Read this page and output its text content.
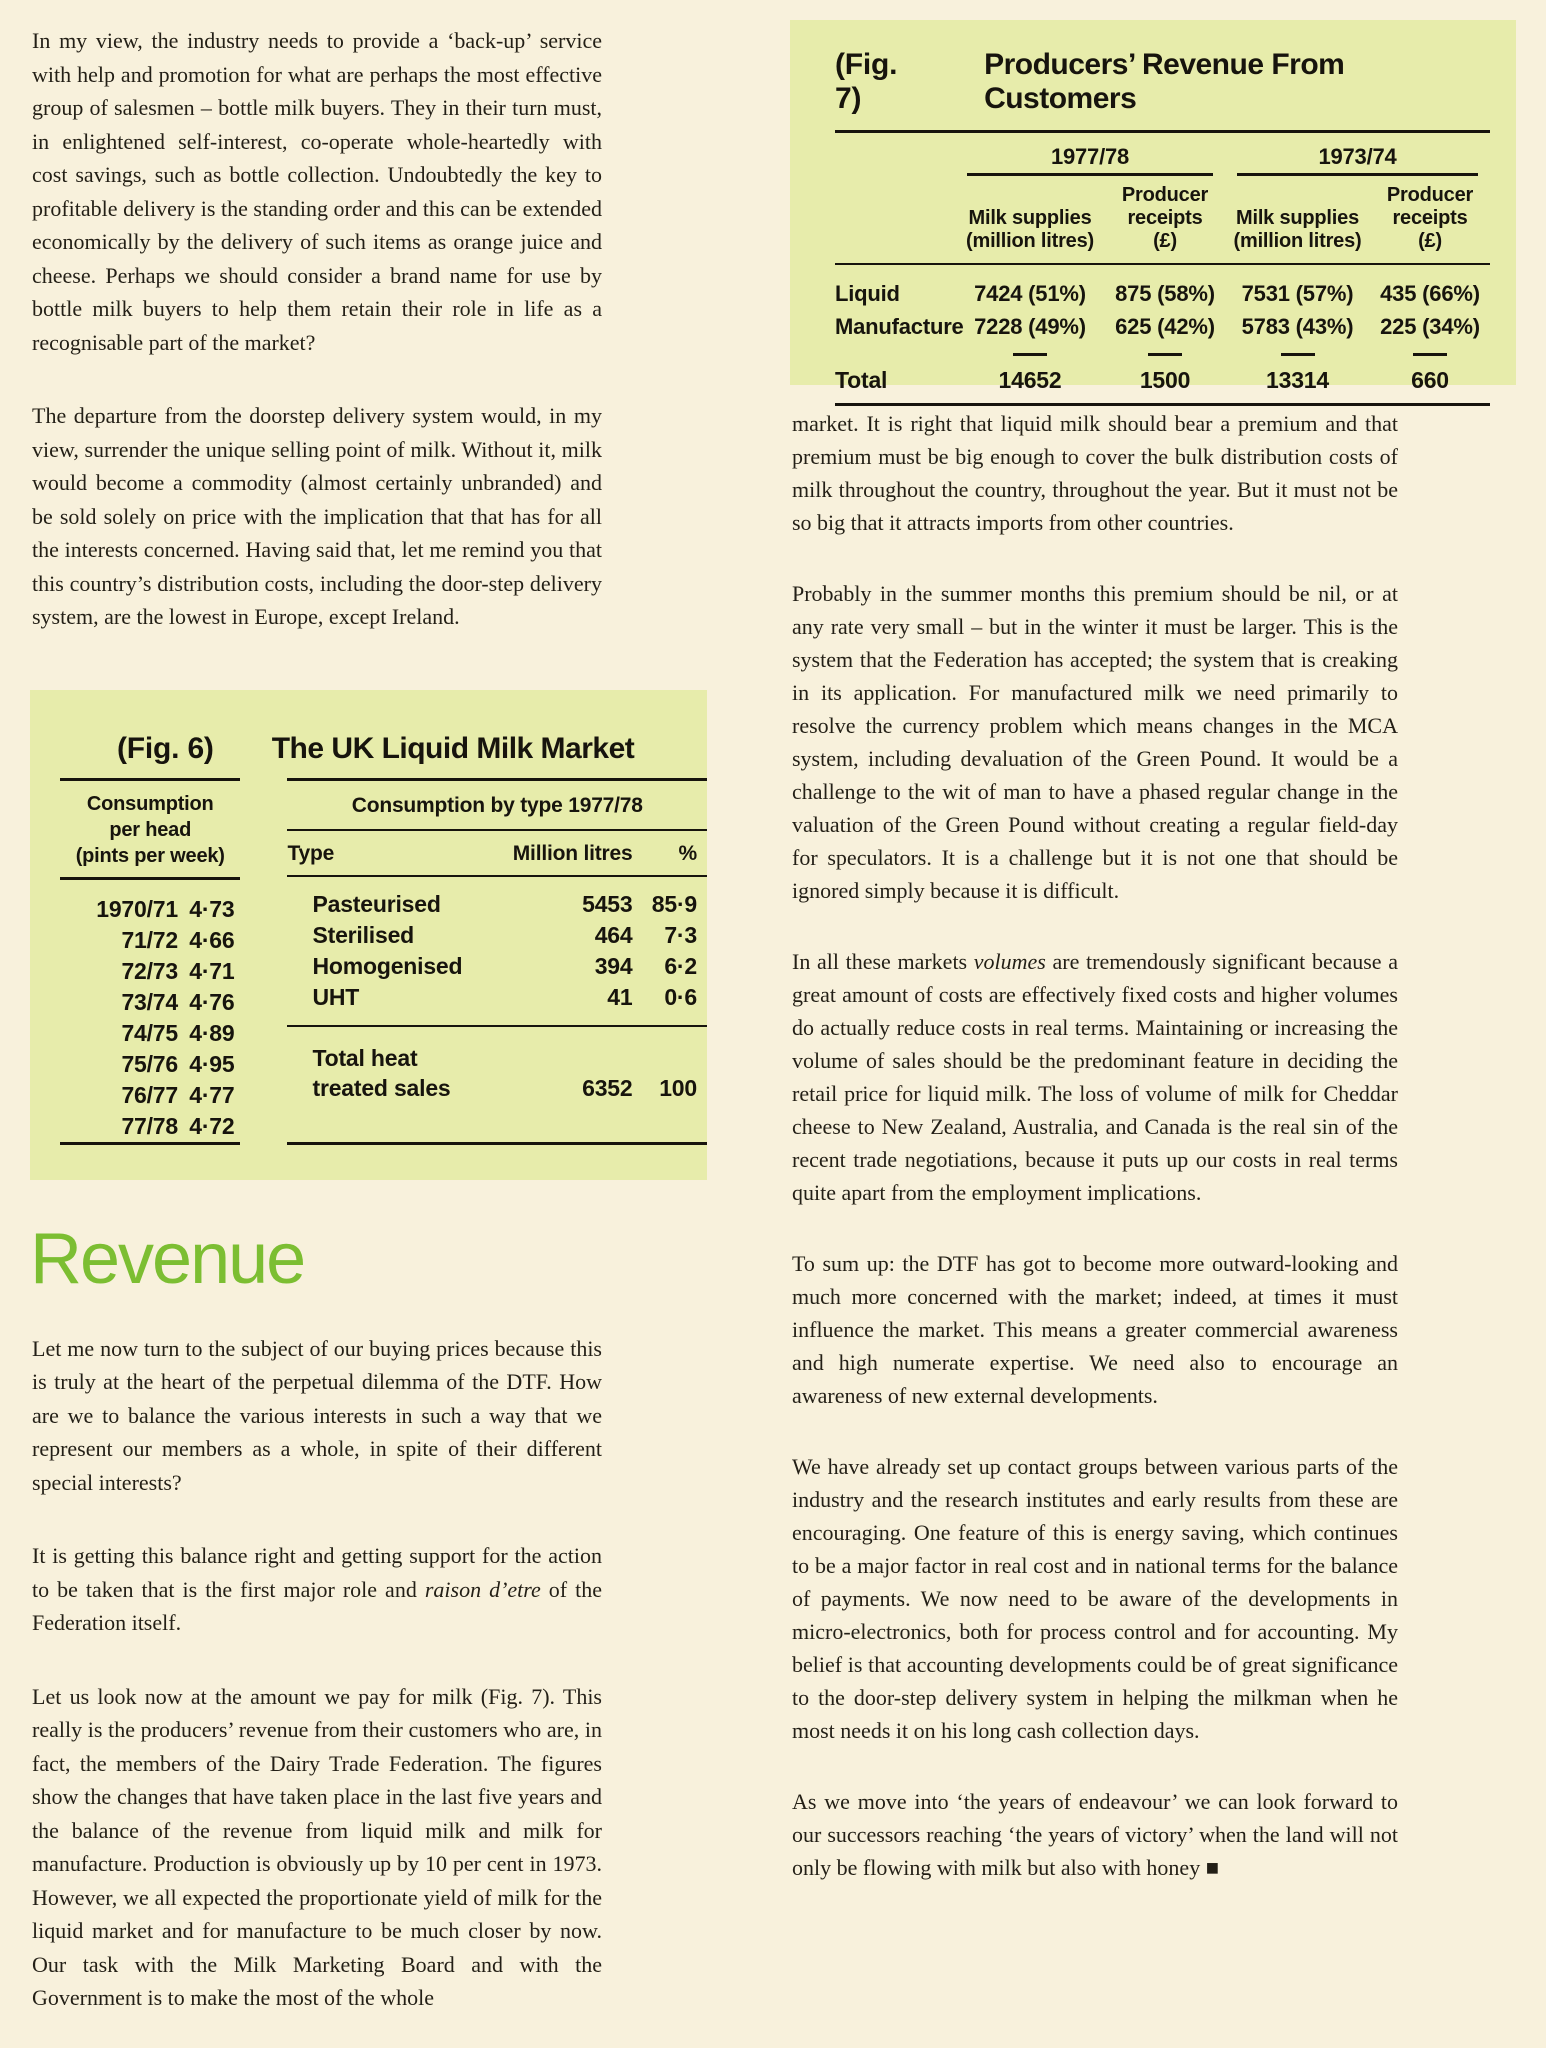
In my view, the industry needs to provide a ‘back-up’ service with help and promotion for what are perhaps the most effective group of salesmen – bottle milk buyers. They in their turn must, in enlightened self-interest, co-operate whole-heartedly with cost savings, such as bottle collection. Undoubtedly the key to profitable delivery is the standing order and this can be extended economically by the delivery of such items as orange juice and cheese. Perhaps we should consider a brand name for use by bottle milk buyers to help them retain their role in life as a recognisable part of the market?

The departure from the doorstep delivery system would, in my view, surrender the unique selling point of milk. Without it, milk would become a commodity (almost certainly unbranded) and be sold solely on price with the implication that that has for all the interests concerned. Having said that, let me remind you that this country’s distribution costs, including the door-step delivery system, are the lowest in Europe, except Ireland.

(Fig. 6) The UK Liquid Milk Market
Consumption
per head
(pints per week)
1970/71 4·73
71/72 4·66
72/73 4·71
73/74 4·76
74/75 4·89
75/76 4·95
76/77 4·77
77/78 4·72
Consumption by type 1977/78
Type	Million litres	%
Pasteurised	5453 85·9
Sterilised	464	7·3
Homogenised	394	6·2
UHT	41	0·6
Total heat
treated sales	6352	100
Revenue

Let me now turn to the subject of our buying prices because this is truly at the heart of the perpetual dilemma of the DTF. How are we to balance the various interests in such a way that we represent our members as a whole, in spite of their different special interests?

It is getting this balance right and getting support for the action to be taken that is the first major role and raison d’etre of the Federation itself.

Let us look now at the amount we pay for milk (Fig. 7). This really is the producers’ revenue from their customers who are, in fact, the members of the Dairy Trade Federation. The figures show the changes that have taken place in the last five years and the balance of the revenue from liquid milk and milk for manufacture. Production is obviously up by 10 per cent in 1973. However, we all expected the proportionate yield of milk for the liquid market and for manufacture to be much closer by now. Our task with the Milk Marketing Board and with the Government is to make the most of the whole

(Fig. 7)
Producers’ Revenue From Customers
1977/78	1973/74
Milk supplies
(million litres)
Producer
receipts
(£)
Milk supplies
(million litres)
Producer
receipts
(£)
Liquid	7424 (51%)	875 (58%)	7531 (57%)	435 (66%)
Manufacture 7228 (49%)	625 (42%)	5783 (43%)	225 (34%)
Total	14652	1500	13314	660

market. It is right that liquid milk should bear a premium and that premium must be big enough to cover the bulk distribution costs of milk throughout the country, throughout the year. But it must not be so big that it attracts imports from other countries.

Probably in the summer months this premium should be nil, or at any rate very small – but in the winter it must be larger. This is the system that the Federation has accepted; the system that is creaking in its application. For manufactured milk we need primarily to resolve the currency problem which means changes in the MCA system, including devaluation of the Green Pound. It would be a challenge to the wit of man to have a phased regular change in the valuation of the Green Pound without creating a regular field-day for speculators. It is a challenge but it is not one that should be ignored simply because it is difficult.

In all these markets volumes are tremendously significant because a great amount of costs are effectively fixed costs and higher volumes do actually reduce costs in real terms. Maintaining or increasing the volume of sales should be the predominant feature in deciding the retail price for liquid milk. The loss of volume of milk for Cheddar cheese to New Zealand, Australia, and Canada is the real sin of the recent trade negotiations, because it puts up our costs in real terms quite apart from the employment implications.

To sum up: the DTF has got to become more outward-looking and much more concerned with the market; indeed, at times it must influence the market. This means a greater commercial awareness and high numerate expertise. We need also to encourage an awareness of new external developments.

We have already set up contact groups between various parts of the industry and the research institutes and early results from these are encouraging. One feature of this is energy saving, which continues to be a major factor in real cost and in national terms for the balance of payments. We now need to be aware of the developments in micro-electronics, both for process control and for accounting. My belief is that accounting developments could be of great significance to the door-step delivery system in helping the milkman when he most needs it on his long cash collection days.

As we move into ‘the years of endeavour’ we can look forward to our successors reaching ‘the years of victory’ when the land will not only be flowing with milk but also with honey ■
